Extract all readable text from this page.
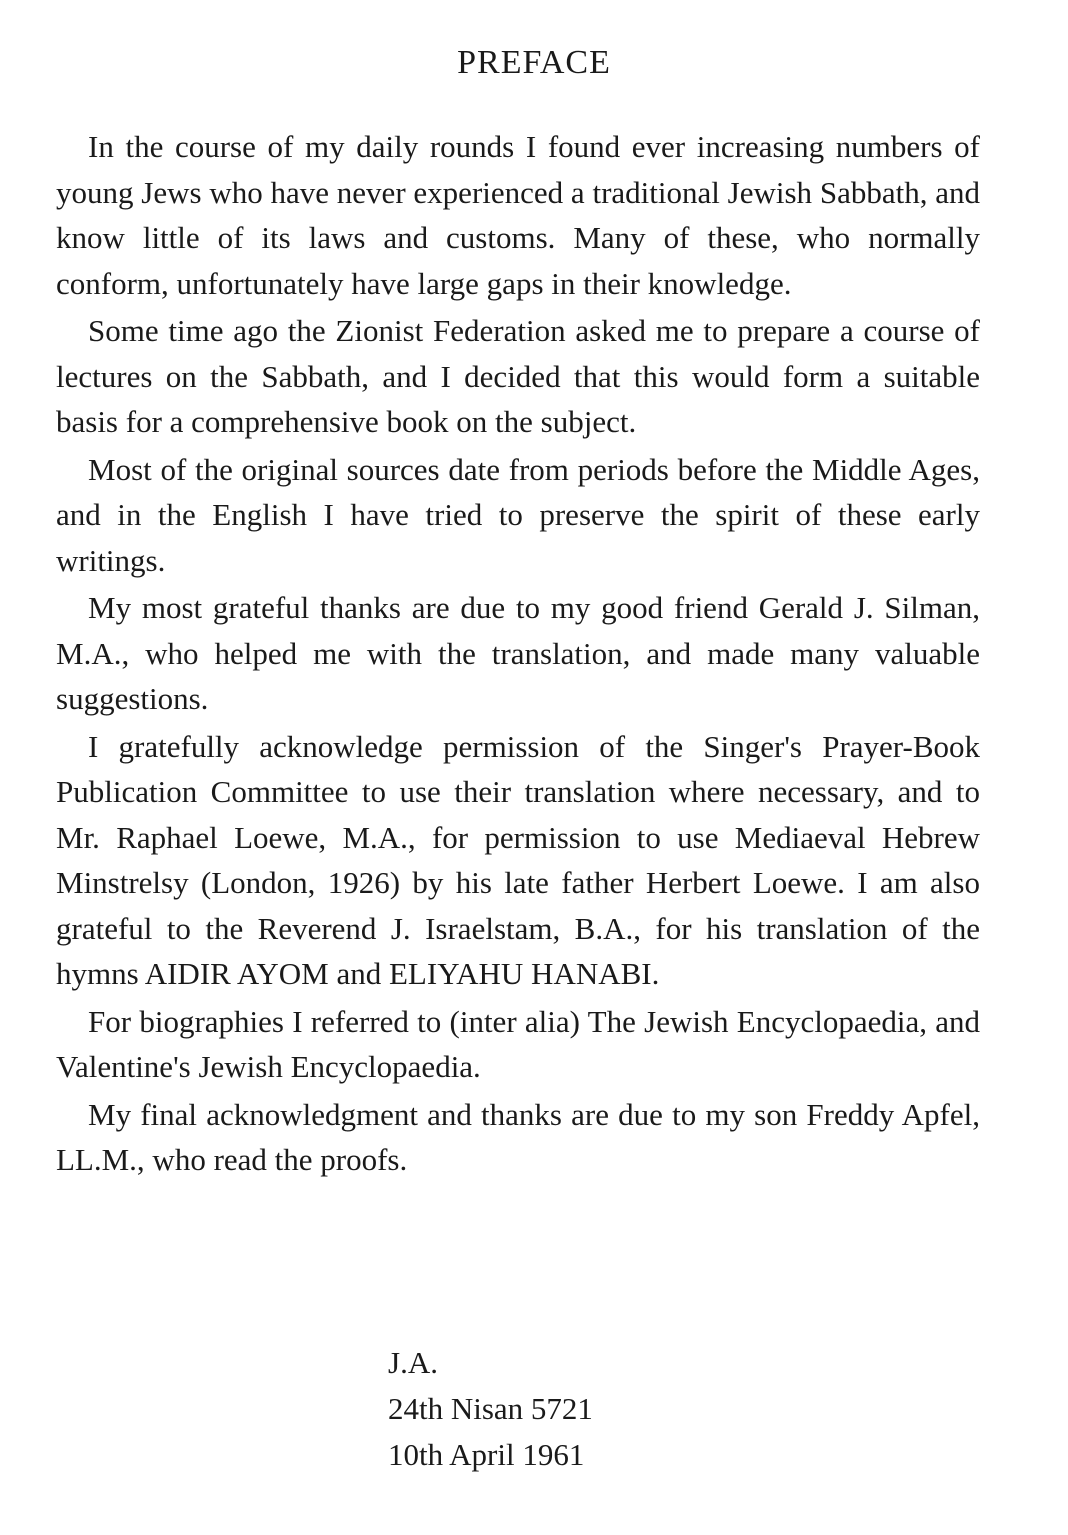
PREFACE

In the course of my daily rounds I found ever increasing numbers of young Jews who have never experienced a traditional Jewish Sabbath, and know little of its laws and customs. Many of these, who normally conform, unfortunately have large gaps in their knowledge.

Some time ago the Zionist Federation asked me to prepare a course of lectures on the Sabbath, and I decided that this would form a suitable basis for a comprehensive book on the subject.

Most of the original sources date from periods before the Middle Ages, and in the English I have tried to preserve the spirit of these early writings.

My most grateful thanks are due to my good friend Gerald J. Silman, M.A., who helped me with the translation, and made many valuable suggestions.

I gratefully acknowledge permission of the Singer's Prayer-Book Publication Committee to use their translation where necessary, and to Mr. Raphael Loewe, M.A., for permission to use Mediaeval Hebrew Minstrelsy (London, 1926) by his late father Herbert Loewe. I am also grateful to the Reverend J. Israelstam, B.A., for his translation of the hymns AIDIR AYOM and ELIYAHU HANABI.

For biographies I referred to (inter alia) The Jewish Encyclopaedia, and Valentine's Jewish Encyclopaedia.

My final acknowledgment and thanks are due to my son Freddy Apfel, LL.M., who read the proofs.

J.A.
24th Nisan 5721
10th April 1961
